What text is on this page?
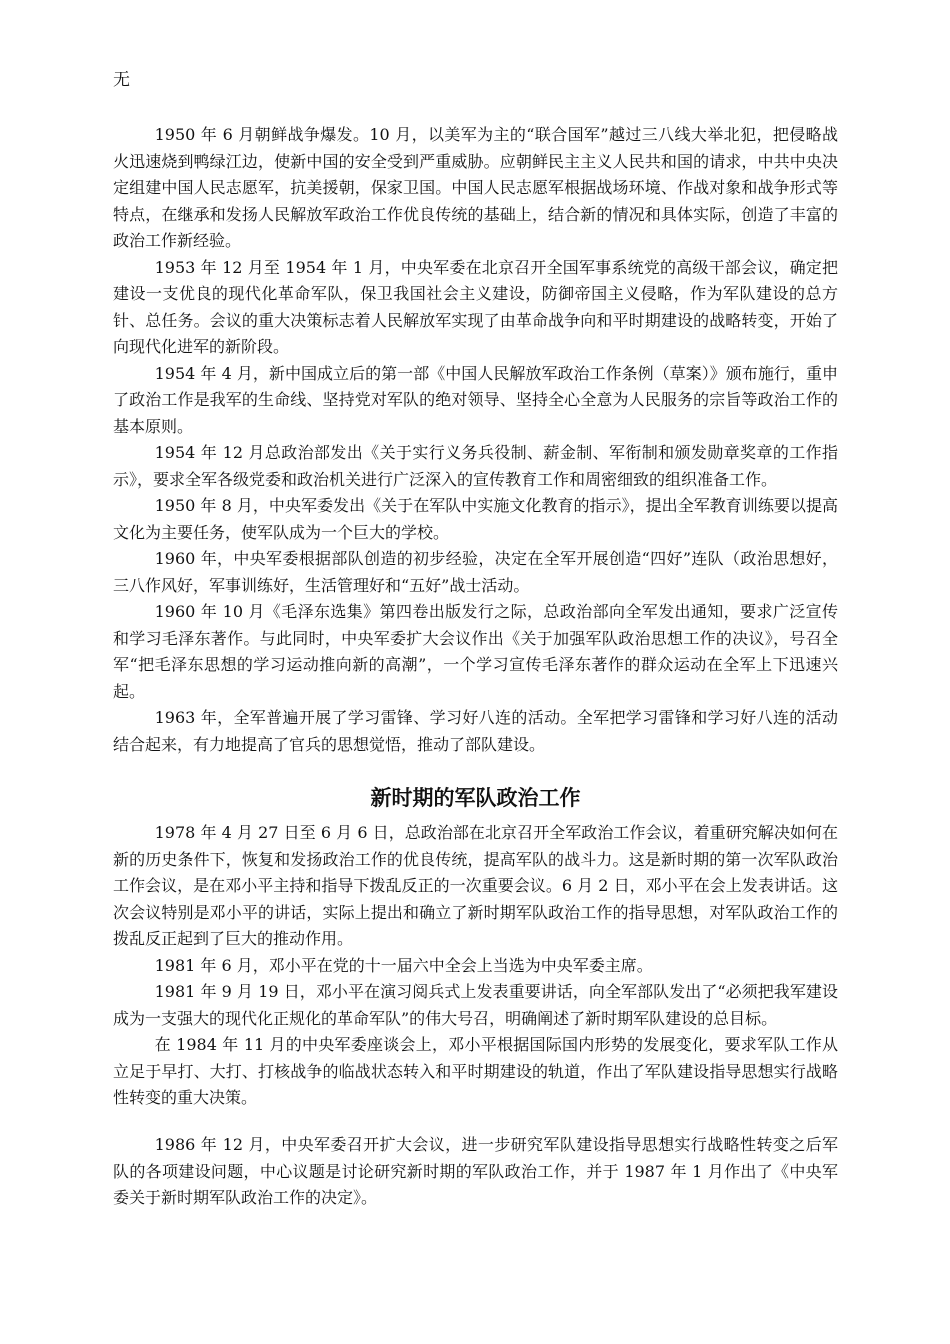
无

1950 年 6 月朝鲜战争爆发。10 月，以美军为主的“联合国军”越过三八线大举北犯，把侵略战火迅速烧到鸭绿江边，使新中国的安全受到严重威胁。应朝鲜民主主义人民共和国的请求，中共中央决定组建中国人民志愿军，抗美援朝，保家卫国。中国人民志愿军根据战场环境、作战对象和战争形式等特点，在继承和发扬人民解放军政治工作优良传统的基础上，结合新的情况和具体实际，创造了丰富的政治工作新经验。

1953 年 12 月至 1954 年 1 月，中央军委在北京召开全国军事系统党的高级干部会议，确定把建设一支优良的现代化革命军队，保卫我国社会主义建设，防御帝国主义侵略，作为军队建设的总方针、总任务。会议的重大决策标志着人民解放军实现了由革命战争向和平时期建设的战略转变，开始了向现代化进军的新阶段。

1954 年 4 月，新中国成立后的第一部《中国人民解放军政治工作条例（草案）》颁布施行，重申了政治工作是我军的生命线、坚持党对军队的绝对领导、坚持全心全意为人民服务的宗旨等政治工作的基本原则。

1954 年 12 月总政治部发出《关于实行义务兵役制、薪金制、军衔制和颁发勋章奖章的工作指示》，要求全军各级党委和政治机关进行广泛深入的宣传教育工作和周密细致的组织准备工作。

1950 年 8 月，中央军委发出《关于在军队中实施文化教育的指示》，提出全军教育训练要以提高文化为主要任务，使军队成为一个巨大的学校。

1960 年，中央军委根据部队创造的初步经验，决定在全军开展创造“四好”连队（政治思想好，三八作风好，军事训练好，生活管理好和“五好”战士活动。

1960 年 10 月《毛泽东选集》第四卷出版发行之际，总政治部向全军发出通知，要求广泛宣传和学习毛泽东著作。与此同时，中央军委扩大会议作出《关于加强军队政治思想工作的决议》，号召全军“把毛泽东思想的学习运动推向新的高潮”，一个学习宣传毛泽东著作的群众运动在全军上下迅速兴起。

1963 年，全军普遍开展了学习雷锋、学习好八连的活动。全军把学习雷锋和学习好八连的活动结合起来，有力地提高了官兵的思想觉悟，推动了部队建设。

新时期的军队政治工作

1978 年 4 月 27 日至 6 月 6 日，总政治部在北京召开全军政治工作会议，着重研究解决如何在新的历史条件下，恢复和发扬政治工作的优良传统，提高军队的战斗力。这是新时期的第一次军队政治工作会议，是在邓小平主持和指导下拨乱反正的一次重要会议。6 月 2 日，邓小平在会上发表讲话。这次会议特别是邓小平的讲话，实际上提出和确立了新时期军队政治工作的指导思想，对军队政治工作的拨乱反正起到了巨大的推动作用。

1981 年 6 月，邓小平在党的十一届六中全会上当选为中央军委主席。

1981 年 9 月 19 日，邓小平在演习阅兵式上发表重要讲话，向全军部队发出了“必须把我军建设成为一支强大的现代化正规化的革命军队”的伟大号召，明确阐述了新时期军队建设的总目标。

在 1984 年 11 月的中央军委座谈会上，邓小平根据国际国内形势的发展变化，要求军队工作从立足于早打、大打、打核战争的临战状态转入和平时期建设的轨道，作出了军队建设指导思想实行战略性转变的重大决策。

1986 年 12 月，中央军委召开扩大会议，进一步研究军队建设指导思想实行战略性转变之后军队的各项建设问题，中心议题是讨论研究新时期的军队政治工作，并于 1987 年 1 月作出了《中央军委关于新时期军队政治工作的决定》。
